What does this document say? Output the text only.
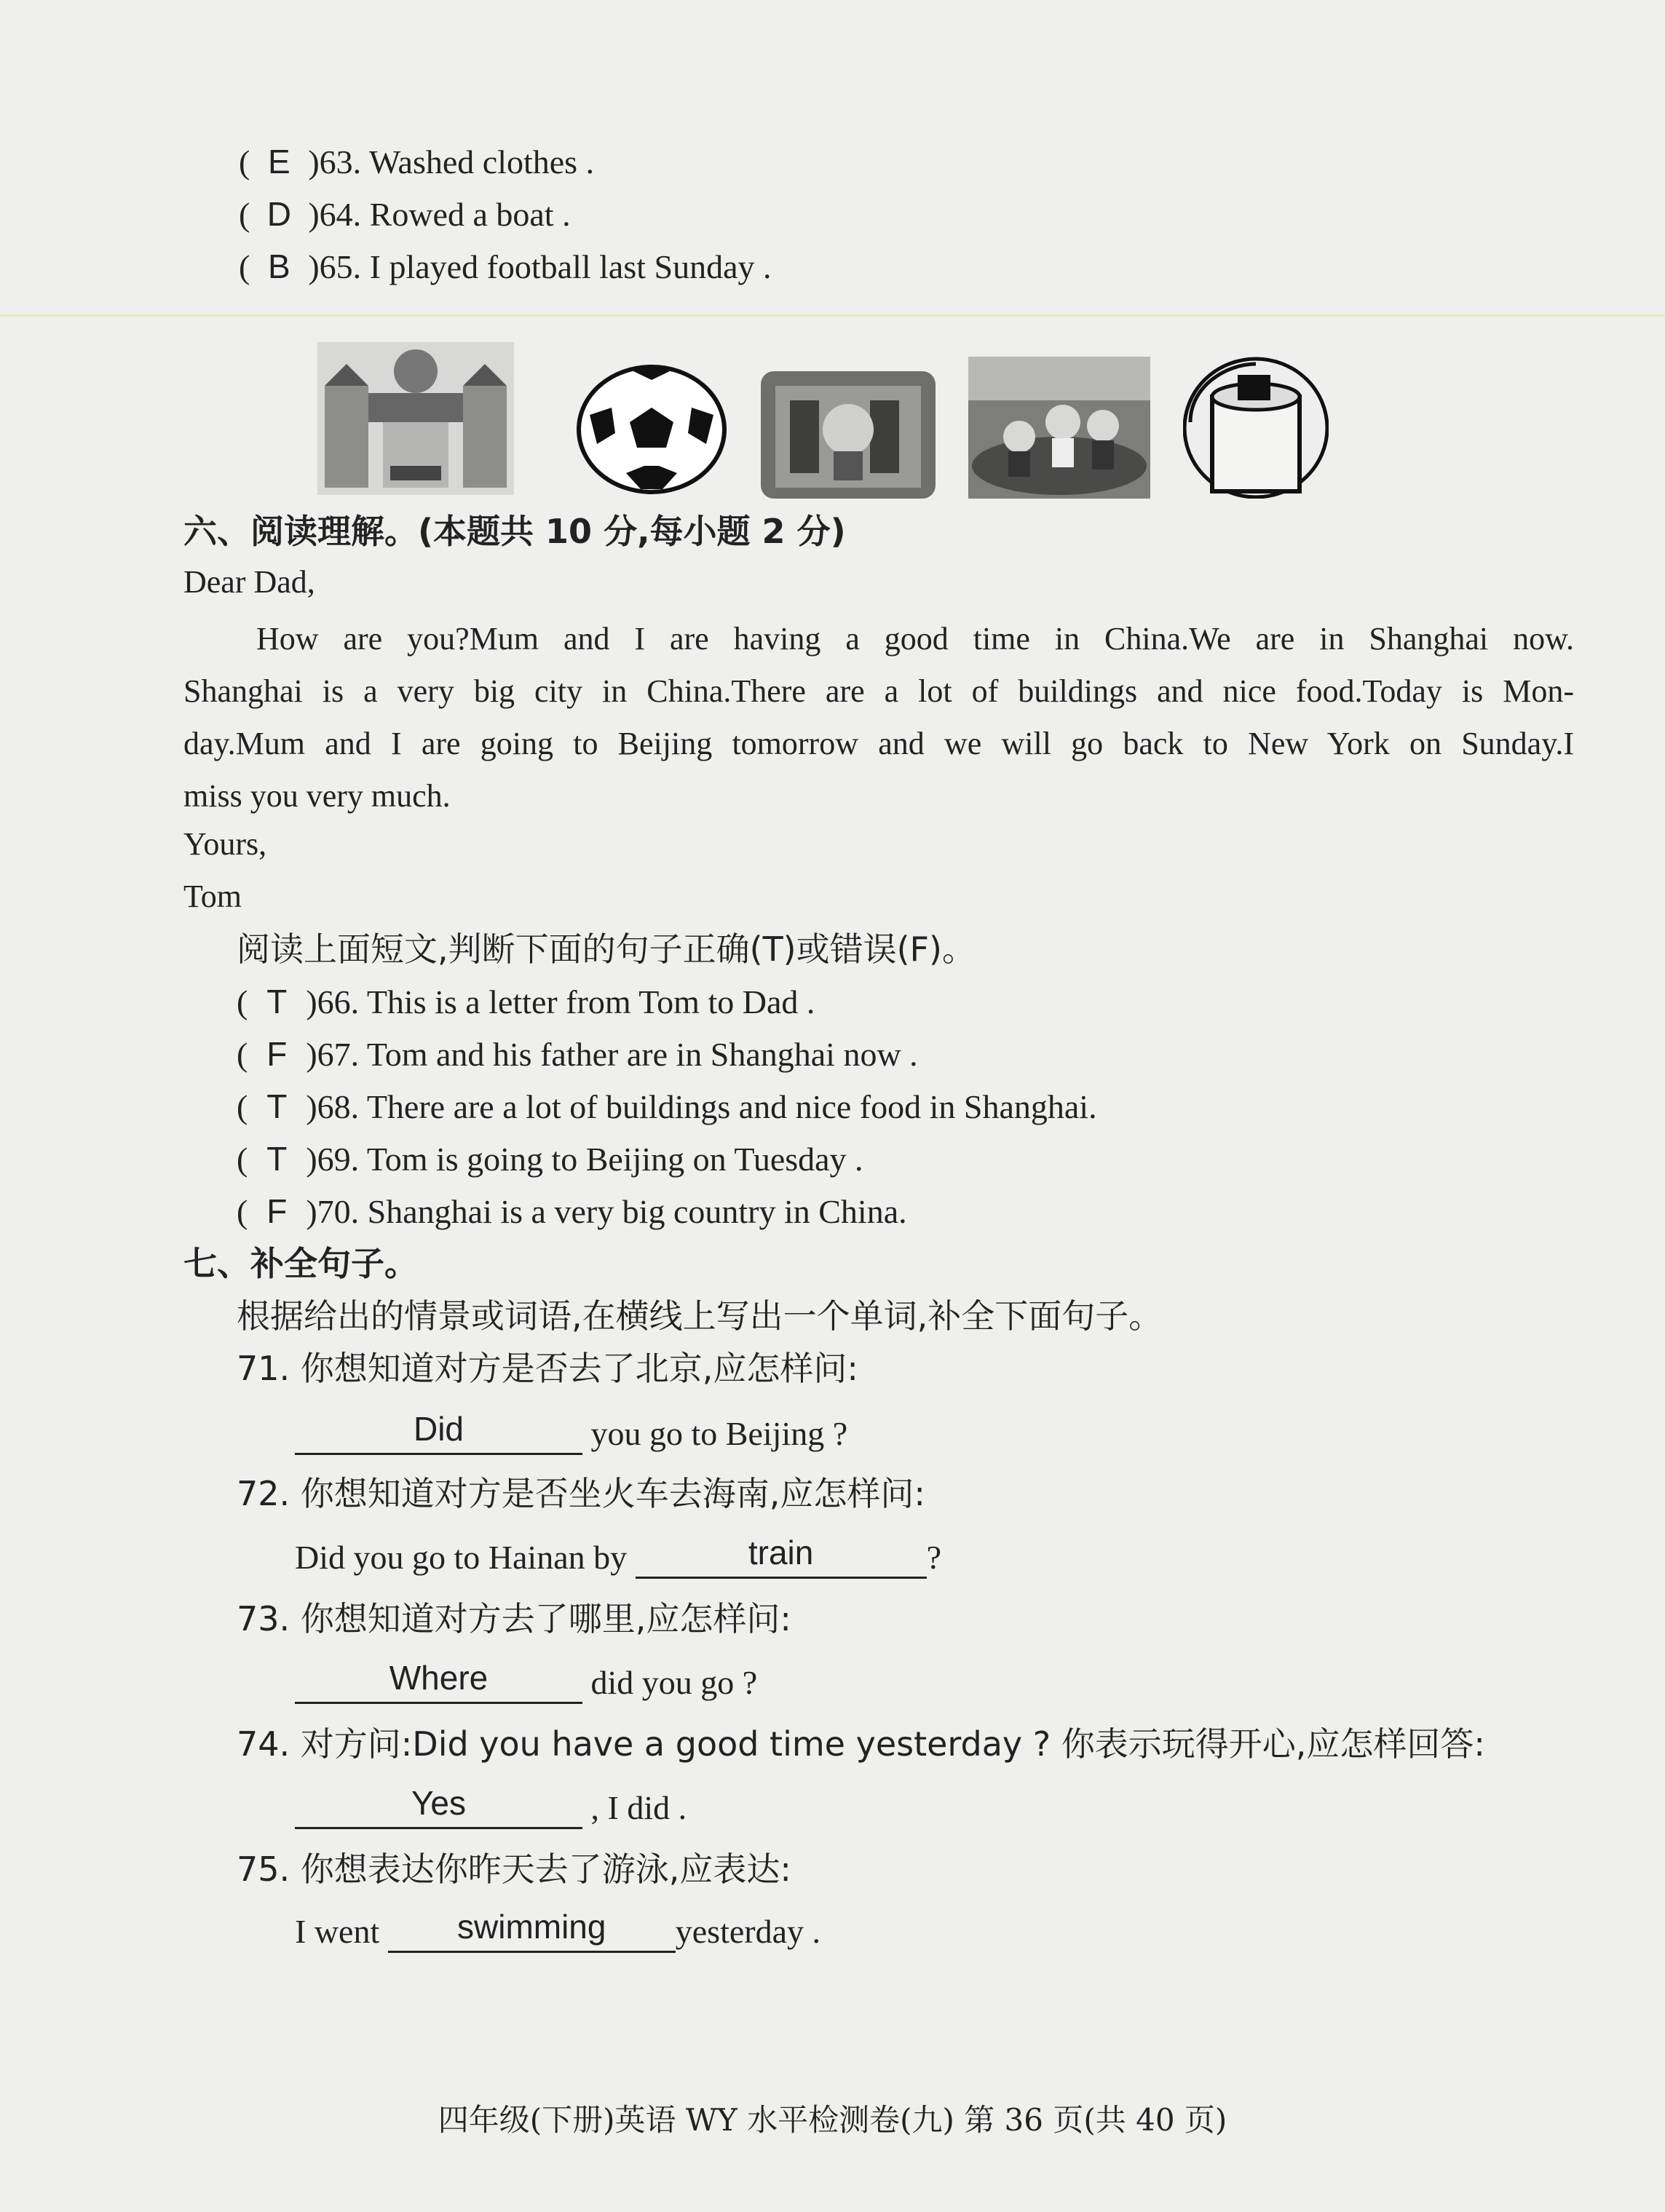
( E )63. Washed clothes .
( D )64. Rowed a boat .
( B )65. I played football last Sunday .
六、阅读理解。(本题共 10 分,每小题 2 分)
Dear Dad,
How are you?Mum and I are having a good time in China.We are in Shanghai now.
Shanghai is a very big city in China.There are a lot of buildings and nice food.Today is Mon-
day.Mum and I are going to Beijing tomorrow and we will go back to New York on Sunday.I
miss you very much.
Yours,
Tom
阅读上面短文,判断下面的句子正确(T)或错误(F)。
( T )66. This is a letter from Tom to Dad .
( F )67. Tom and his father are in Shanghai now .
( T )68. There are a lot of buildings and nice food in Shanghai.
( T )69. Tom is going to Beijing on Tuesday .
( F )70. Shanghai is a very big country in China.
七、补全句子。
根据给出的情景或词语,在横线上写出一个单词,补全下面句子。
71. 你想知道对方是否去了北京,应怎样问:
Did	you go to Beijing ?
72. 你想知道对方是否坐火车去海南,应怎样问:
Did you go to Hainan by	train	?
73. 你想知道对方去了哪里,应怎样问:
Where	did you go ?
74. 对方问:Did you have a good time yesterday ? 你表示玩得开心,应怎样回答:
Yes	, I did .
75. 你想表达你昨天去了游泳,应表达:
I went swimming yesterday .
四年级(下册)英语 WY 水平检测卷(九) 第 36 页(共 40 页)
